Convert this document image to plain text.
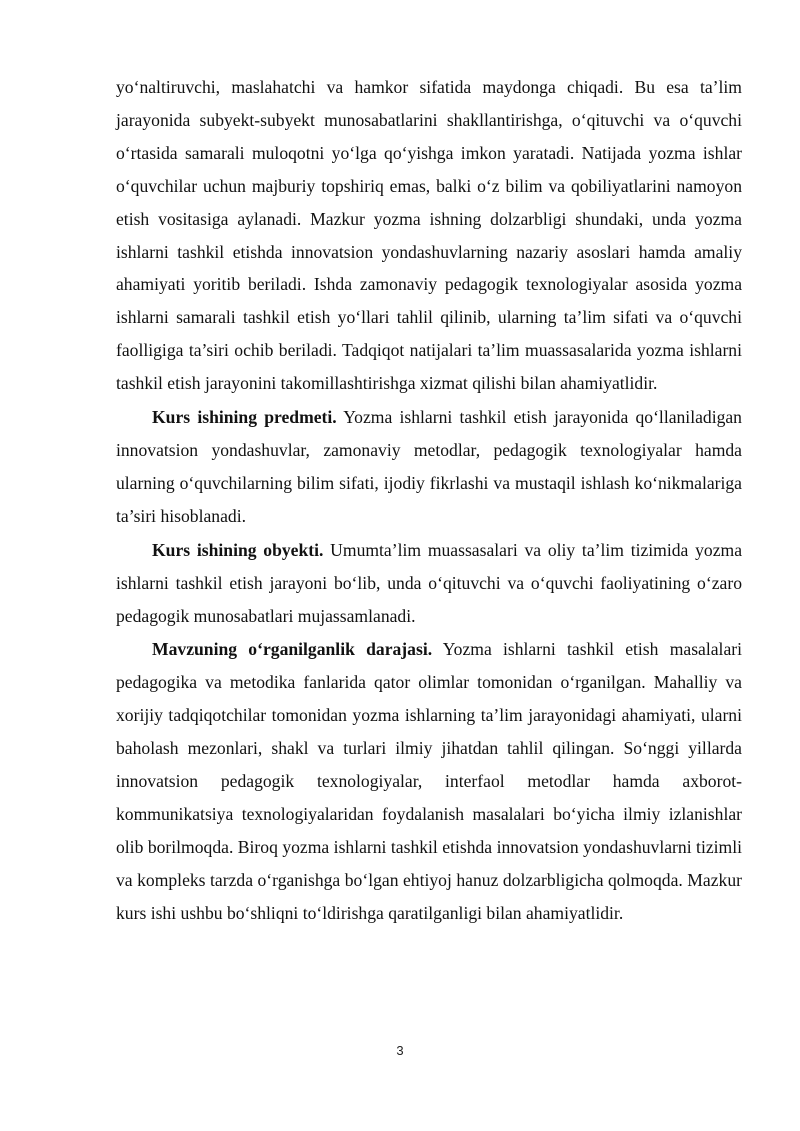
yo‘naltiruvchi, maslahatchi va hamkor sifatida maydonga chiqadi. Bu esa ta’lim jarayonida subyekt-subyekt munosabatlarini shakllantirishga, o‘qituvchi va o‘quvchi o‘rtasida samarali muloqotni yo‘lga qo‘yishga imkon yaratadi. Natijada yozma ishlar o‘quvchilar uchun majburiy topshiriq emas, balki o‘z bilim va qobiliyatlarini namoyon etish vositasiga aylanadi. Mazkur yozma ishning dolzarbligi shundaki, unda yozma ishlarni tashkil etishda innovatsion yondashuvlarning nazariy asoslari hamda amaliy ahamiyati yoritib beriladi. Ishda zamonaviy pedagogik texnologiyalar asosida yozma ishlarni samarali tashkil etish yo‘llari tahlil qilinib, ularning ta’lim sifati va o‘quvchi faolligiga ta’siri ochib beriladi. Tadqiqot natijalari ta’lim muassasalarida yozma ishlarni tashkil etish jarayonini takomillashtirishga xizmat qilishi bilan ahamiyatlidir.

Kurs ishining predmeti. Yozma ishlarni tashkil etish jarayonida qo‘llaniladigan innovatsion yondashuvlar, zamonaviy metodlar, pedagogik texnologiyalar hamda ularning o‘quvchilarning bilim sifati, ijodiy fikrlashi va mustaqil ishlash ko‘nikmalariga ta’siri hisoblanadi.

Kurs ishining obyekti. Umumta’lim muassasalari va oliy ta’lim tizimida yozma ishlarni tashkil etish jarayoni bo‘lib, unda o‘qituvchi va o‘quvchi faoliyatining o‘zaro pedagogik munosabatlari mujassamlanadi.

Mavzuning o‘rganilganlik darajasi. Yozma ishlarni tashkil etish masalalari pedagogika va metodika fanlarida qator olimlar tomonidan o‘rganilgan. Mahalliy va xorijiy tadqiqotchilar tomonidan yozma ishlarning ta’lim jarayonidagi ahamiyati, ularni baholash mezonlari, shakl va turlari ilmiy jihatdan tahlil qilingan. So‘nggi yillarda innovatsion pedagogik texnologiyalar, interfaol metodlar hamda axborot-kommunikatsiya texnologiyalaridan foydalanish masalalari bo‘yicha ilmiy izlanishlar olib borilmoqda. Biroq yozma ishlarni tashkil etishda innovatsion yondashuvlarni tizimli va kompleks tarzda o‘rganishga bo‘lgan ehtiyoj hanuz dolzarbligicha qolmoqda. Mazkur kurs ishi ushbu bo‘shliqni to‘ldirishga qaratilganligi bilan ahamiyatlidir.

3
